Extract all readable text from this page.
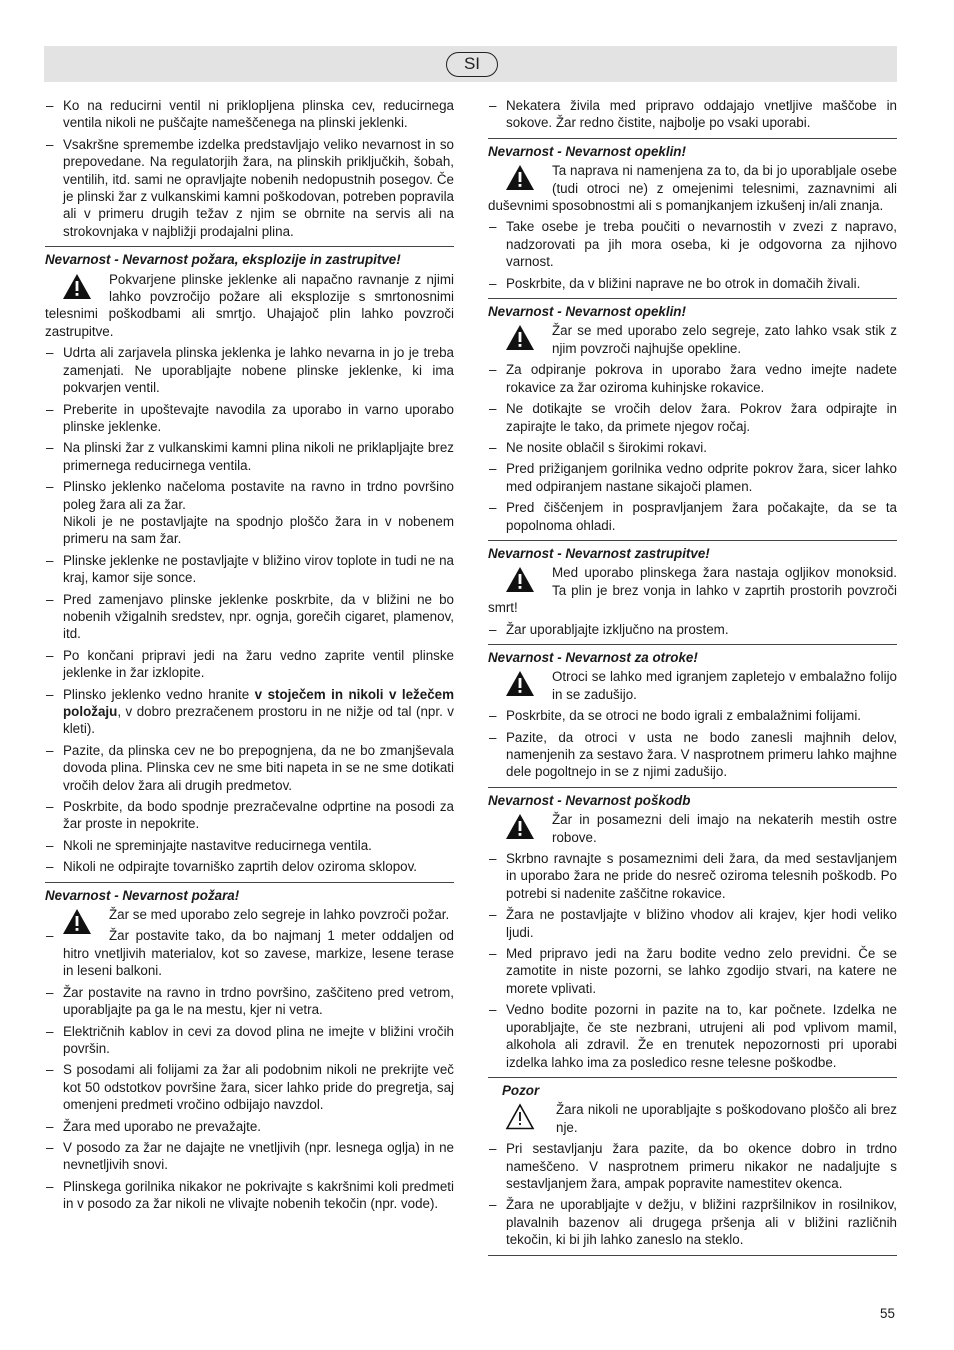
SI
– Ko na reducirni ventil ni priklopljena plinska cev, reducirnega ventila nikoli ne puščajte nameščenega na plinski jeklenki.
– Vsakršne spremembe izdelka predstavljajo veliko nevarnost in so prepovedane. Na regulatorjih žara, na plinskih priključkih, šobah, ventilih, itd. sami ne opravljajte nobenih nedopustnih posegov. Če je plinski žar z vulkanskimi kamni poškodovan, potreben popravila ali v primeru drugih težav z njim se obrnite na servis ali na strokovnjaka v najbližji prodajalni plina.
Nevarnost - Nevarnost požara, eksplozije in zastrupitve!
Pokvarjene plinske jeklenke ali napačno ravnanje z njimi lahko povzročijo požare ali eksplozije s smrtonosnimi telesnimi poškodbami ali smrtjo. Uhajajoč plin lahko povzroči zastrupitve.
– Udrta ali zarjavela plinska jeklenka je lahko nevarna in jo je treba zamenjati. Ne uporabljajte nobene plinske jeklenke, ki ima pokvarjen ventil.
– Preberite in upoštevajte navodila za uporabo in varno uporabo plinske jeklenke.
– Na plinski žar z vulkanskimi kamni plina nikoli ne priklapljajte brez primernega reducirnega ventila.
– Plinsko jeklenko načeloma postavite na ravno in trdno površino poleg žara ali za žar.
Nikoli je ne postavljajte na spodnjo ploščo žara in v nobenem primeru na sam žar.
– Plinske jeklenke ne postavljajte v bližino virov toplote in tudi ne na kraj, kamor sije sonce.
– Pred zamenjavo plinske jeklenke poskrbite, da v bližini ne bo nobenih vžigalnih sredstev, npr. ognja, gorečih cigaret, plamenov, itd.
– Po končani pripravi jedi na žaru vedno zaprite ventil plinske jeklenke in žar izklopite.
– Plinsko jeklenko vedno hranite v stoječem in nikoli v ležečem položaju, v dobro prezračenem prostoru in ne nižje od tal (npr. v kleti).
– Pazite, da plinska cev ne bo prepognjena, da ne bo zmanjševala dovoda plina. Plinska cev ne sme biti napeta in se ne sme dotikati vročih delov žara ali drugih predmetov.
– Poskrbite, da bodo spodnje prezračevalne odprtine na posodi za žar proste in nepokrite.
– Nkoli ne spreminjajte nastavitve reducirnega ventila.
– Nikoli ne odpirajte tovarniško zaprtih delov oziroma sklopov.
Nevarnost - Nevarnost požara!
Žar se med uporabo zelo segreje in lahko povzroči požar.
– Žar postavite tako, da bo najmanj 1 meter oddaljen od hitro vnetljivih materialov, kot so zavese, markize, lesene terase in leseni balkoni.
– Žar postavite na ravno in trdno površino, zaščiteno pred vetrom, uporabljajte pa ga le na mestu, kjer ni vetra.
– Električnih kablov in cevi za dovod plina ne imejte v bližini vročih površin.
– S posodami ali folijami za žar ali podobnim nikoli ne prekrijte več kot 50 odstotkov površine žara, sicer lahko pride do pregretja, saj omenjeni predmeti vročino odbijajo navzdol.
– Žara med uporabo ne prevažajte.
– V posodo za žar ne dajajte ne vnetljivih (npr. lesnega oglja) in ne nevnetljivih snovi.
– Plinskega gorilnika nikakor ne pokrivajte s kakršnimi koli predmeti in v posodo za žar nikoli ne vlivajte nobenih tekočin (npr. vode).
– Nekatera živila med pripravo oddajajo vnetljive maščobe in sokove. Žar redno čistite, najbolje po vsaki uporabi.
Nevarnost - Nevarnost opeklin!
Ta naprava ni namenjena za to, da bi jo uporabljale osebe (tudi otroci ne) z omejenimi telesnimi, zaznavnimi ali duševnimi sposobnostmi ali s pomanjkanjem izkušenj in/ali znanja.
– Take osebe je treba poučiti o nevarnostih v zvezi z napravo, nadzorovati pa jih mora oseba, ki je odgovorna za njihovo varnost.
– Poskrbite, da v bližini naprave ne bo otrok in domačih živali.
Nevarnost - Nevarnost opeklin!
Žar se med uporabo zelo segreje, zato lahko vsak stik z njim povzroči najhujše opekline.
– Za odpiranje pokrova in uporabo žara vedno imejte nadete rokavice za žar oziroma kuhinjske rokavice.
– Ne dotikajte se vročih delov žara. Pokrov žara odpirajte in zapirajte le tako, da primete njegov ročaj.
– Ne nosite oblačil s širokimi rokavi.
– Pred prižiganjem gorilnika vedno odprite pokrov žara, sicer lahko med odpiranjem nastane sikajoči plamen.
– Pred čiščenjem in pospravljanjem žara počakajte, da se ta popolnoma ohladi.
Nevarnost - Nevarnost zastrupitve!
Med uporabo plinskega žara nastaja ogljikov monoksid. Ta plin je brez vonja in lahko v zaprtih prostorih povzroči smrt!
– Žar uporabljajte izključno na prostem.
Nevarnost - Nevarnost za otroke!
Otroci se lahko med igranjem zapletejo v embalažno folijo in se zadušijo.
– Poskrbite, da se otroci ne bodo igrali z embalažnimi folijami.
– Pazite, da otroci v usta ne bodo zanesli majhnih delov, namenjenih za sestavo žara. V nasprotnem primeru lahko majhne dele pogoltnejo in se z njimi zadušijo.
Nevarnost - Nevarnost poškodb
Žar in posamezni deli imajo na nekaterih mestih ostre robove.
– Skrbno ravnajte s posameznimi deli žara, da med sestavljanjem in uporabo žara ne pride do nesreč oziroma telesnih poškodb. Po potrebi si nadenite zaščitne rokavice.
– Žara ne postavljajte v bližino vhodov ali krajev, kjer hodi veliko ljudi.
– Med pripravo jedi na žaru bodite vedno zelo previdni. Če se zamotite in niste pozorni, se lahko zgodijo stvari, na katere ne morete vplivati.
– Vedno bodite pozorni in pazite na to, kar počnete. Izdelka ne uporabljajte, če ste nezbrani, utrujeni ali pod vplivom mamil, alkohola ali zdravil. Že en trenutek nepozornosti pri uporabi izdelka lahko ima za posledico resne telesne poškodbe.
Pozor
Žara nikoli ne uporabljajte s poškodovano ploščo ali brez nje.
– Pri sestavljanju žara pazite, da bo okence dobro in trdno nameščeno. V nasprotnem primeru nikakor ne nadaljujte s sestavljanjem žara, ampak popravite namestitev okenca.
– Žara ne uporabljajte v dežju, v bližini razpršilnikov in rosilnikov, plavalnih bazenov ali drugega pršenja ali v bližini različnih tekočin, ki bi jih lahko zaneslo na steklo.
55
